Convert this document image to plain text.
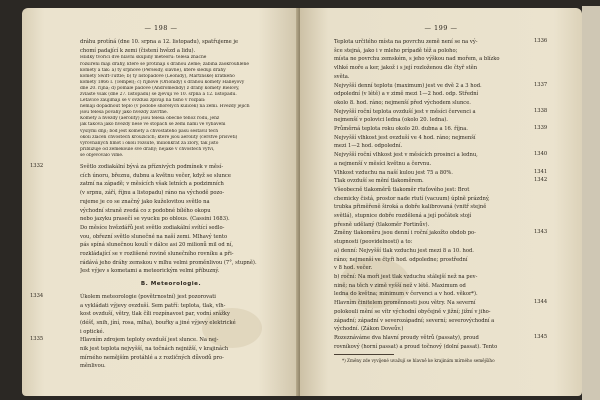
— 198 —
dráhu protíná (dne 10. srpna a 12. listopadu), spatřujeme je
chomí padající k zemi (čistení hvězd a lidu).
Hlídky tvořící dvě hlavní skupiny meteorů: tělesa značné
rozšíření mají dráhy, které se protínají s dráhou Země; zabíhá zaokrouhlené
komety a tak: a) ty srpnové (Perseidy, slavné), které sledují dráhy
komety Swift-Tuttle; b) ty listopadové (Leonidy), Martinské) krátkého
komety 1866 I. (Tempel); c) říjnové (Orionidy) s dráhou komety Halleyovy
dne 20. října; d) pomalé pádové (Andromedidy) z dráhy komety Bielovy,
zvláště však (dne 27. listopadu) se zjevují ve 10. srpna a 12. listopadu.
Létavice zaujímají se v ovzduší zpívají na tísno v rozpálí:
nemají dopadnout teplo (v podobě shořelých kuliček) na zemi. Hvězdy jejich
jsou tělesa povahy jako hvězdy závrtné.
Komety a hvězdy (aerolity) jsou tělesa obecně téhož rodu, jenž
jak taková jako hvězdy nese ve stopách se zemí námi ve vybavení
vyšlými dnji; bod jest komety a chvostatého pásu sestavil těch
okolí zlacen chvostech kroužících; které jsou aerolity (čerstvě přisvěti)
vyrovnaných hmot i okolí rozsuté, milionkrát za zlory, tak jisto
přibližuje od zeměkoule své dráhy; nějaké v chvostech vytví,
se objevovalo víme.
Světlo zodiakální bývá za příznivých podmínek v měsí-
cích únoru, březnu, dubnu a květnu večer, když se slunce
zatmí na západě; v měsících však letních a podzimních
(v srpnu, září, říjnu a listopadu) ráno na východě pozo-
rujeme je co se značný jako kuželovitou světlo na
východní straně zvedá co z podobné bílého okopu
nebo jazyku prasečí se vyucku po oblous. (Cassini 1683).
Do měsíce hvězdářů jest světlo zodiakální svítící sedlo-
vou, obřezní světlo slunečné na naší zemi. Mlhavý tento
pás spíná slunečnou koulí v dálce asi 20 milionů mil od ní,
rozkládající se v rozlišené rovině slunečního rovníku a při-
rádává jeho dráhy zemskou v mlhu velmi proměnlivou (7°, stupně).
Jest výjev s kometami a meteorickým velmi příbuzný.
B. Meteorologie.
Úkolem meteorologie (povětrnostní) jest pozorovati
a vykládati výjevy ovzduší. Sem patří: teplota, tlak, vlh-
kost ovzduší, větry, tlak číli rozpínavost par, vodní srážky
(déšť, snih, jíní, rosa, mlha), bouřky a jiné výjevy elektrické
i optické.
Hlavním zdrojem teploty ovzduší jest slunce. Na nej-
nik jest teplota nejvyšší, na točnách nejnižší, v krajinách
mírného nemějším protáhlé a z rozličných důvodů pro-
měnlivou.
1332
1334
1335
— 199 —
Teplota určitého místa na povrchu země není se na vý-
šce stejná, jako i v mleho prípadě též a poloho;
místa ne povrchu zemském, s jeho výškou nad mořem, a blízko
vlhké moře a ker, jakož i s její rozloženou dle čtyř stěn
světa.
Nejvyšší denní teplotu (maximum) jest ve dvě 2 a 3 hod.
odpolední (v létě) a v zimě mezi 1—2 hod. odp. Střední
okolo 8. hod. ráno; nejmenší před východem slunce.
Nejvyšší roční teplota ovzduší jest v měsíci červenci a
nejmenší v polovici ledna (okolo 20. ledna).
Průměrná teplota roku okolo 20. dubna a 16. října.
Nejvyšší vlhkost jest ovzduší ve 4 hod. ráno; nejmenší
mezi 1—2 hod. odpolední.
Nejvyšší roční vlhkost jest v měsících prosinci a lednu,
a nejmenší v měsíci květnu a červnu.
Vlhkost vzduchu na naší kulou jest 75 a 80%.
Tlak ovzduší se mění tlakoměrem.
Všeobecně tlakoměrů tlakoměr rtuťového jest: Brot
chemicky čistá, prostor nade rtutí (vacuum) úplně prázdný,
trubka přiměřeně široká a dobře kalibrovaná (vnitř stejně
světlá), stupnice dobře rozdělená a její počátek stojí
přesně udělaný (tlakoměr Fortinův).
Změny tlakoměru jsou denní i roční jakožto obdob po-
stupnosti (peovidelnosti) a to:
a) denní: Nejvyšší tlak vzduchu jest mezi 8 a 10. hod.
ráno; nejmenší ve čtyři hod. odpoledne; prostřední
v 8 hod. večer.
b) roční: Na moři jest tlak vzduchu stálejší než na pev-
nině; na těch v zimě vyšší než v létě. Maximum od
ledna do května; minimum v červenci a v hod. věkor*).
Hlavním činitelem proměnnosti jsou větry. Na severní
polokouli mění se vítr východní obyčejně v jižní; jižní v jiho-
západní; západní v severozápadní; severní; severovýchodní a
východní. (Zákon Doveův.)
Rozeznáváme dva hlavní proudy větrů (passaty), proud
rovníkový (horní passat) a proud točnový (dolní passat). Tento
*) Změny zde vyvíjené uvažují se hlavně ke krajinám mírného semějšího
1336
1337
1338
1339
1340
1341
1342
1343
1344
1345
